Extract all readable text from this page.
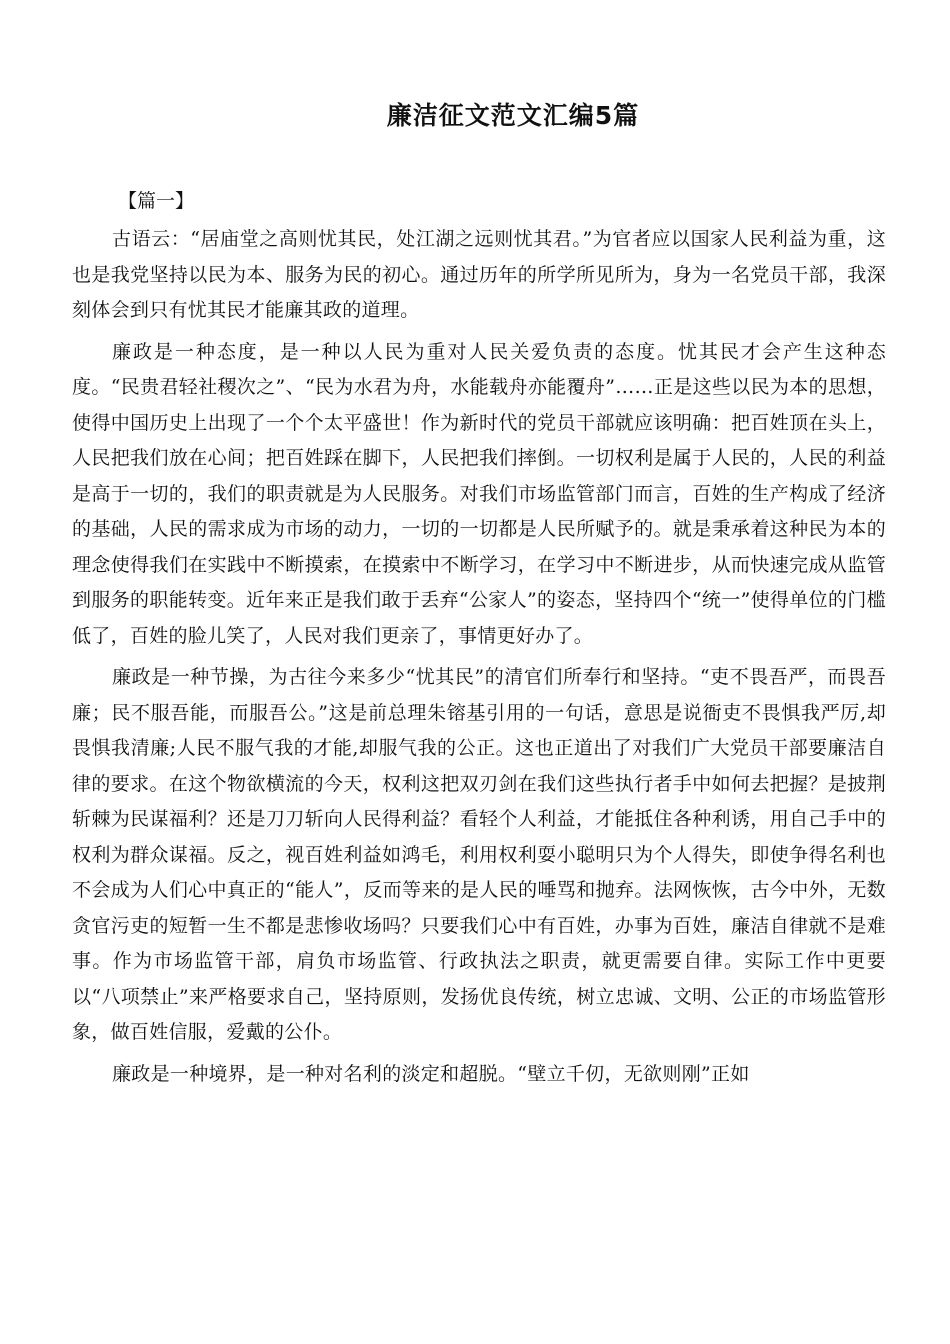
廉洁征文范文汇编5篇
【篇一】

古语云：“居庙堂之高则忧其民，处江湖之远则忧其君。”为官者应以国家人民利益为重，这也是我党坚持以民为本、服务为民的初心。通过历年的所学所见所为，身为一名党员干部，我深刻体会到只有忧其民才能廉其政的道理。

廉政是一种态度，是一种以人民为重对人民关爱负责的态度。忧其民才会产生这种态度。“民贵君轻社稷次之”、“民为水君为舟，水能载舟亦能覆舟”……正是这些以民为本的思想，使得中国历史上出现了一个个太平盛世！作为新时代的党员干部就应该明确：把百姓顶在头上，人民把我们放在心间；把百姓踩在脚下，人民把我们摔倒。一切权利是属于人民的，人民的利益是高于一切的，我们的职责就是为人民服务。对我们市场监管部门而言，百姓的生产构成了经济的基础，人民的需求成为市场的动力，一切的一切都是人民所赋予的。就是秉承着这种民为本的理念使得我们在实践中不断摸索，在摸索中不断学习，在学习中不断进步，从而快速完成从监管到服务的职能转变。近年来正是我们敢于丢弃“公家人”的姿态，坚持四个“统一”使得单位的门槛低了，百姓的脸儿笑了，人民对我们更亲了，事情更好办了。

廉政是一种节操，为古往今来多少“忧其民”的清官们所奉行和坚持。“吏不畏吾严，而畏吾廉；民不服吾能，而服吾公。”这是前总理朱镕基引用的一句话，意思是说衙吏不畏惧我严厉,却畏惧我清廉;人民不服气我的才能,却服气我的公正。这也正道出了对我们广大党员干部要廉洁自律的要求。在这个物欲横流的今天，权利这把双刃剑在我们这些执行者手中如何去把握？是披荆斩棘为民谋福利？还是刀刀斩向人民得利益？看轻个人利益，才能抵住各种利诱，用自己手中的权利为群众谋福。反之，视百姓利益如鸿毛，利用权利耍小聪明只为个人得失，即使争得名利也不会成为人们心中真正的“能人”，反而等来的是人民的唾骂和抛弃。法网恢恢，古今中外，无数贪官污吏的短暂一生不都是悲惨收场吗？只要我们心中有百姓，办事为百姓，廉洁自律就不是难事。作为市场监管干部，肩负市场监管、行政执法之职责，就更需要自律。实际工作中更要以“八项禁止”来严格要求自己，坚持原则，发扬优良传统，树立忠诚、文明、公正的市场监管形象，做百姓信服，爱戴的公仆。

廉政是一种境界，是一种对名利的淡定和超脱。“壁立千仞，无欲则刚”正如
